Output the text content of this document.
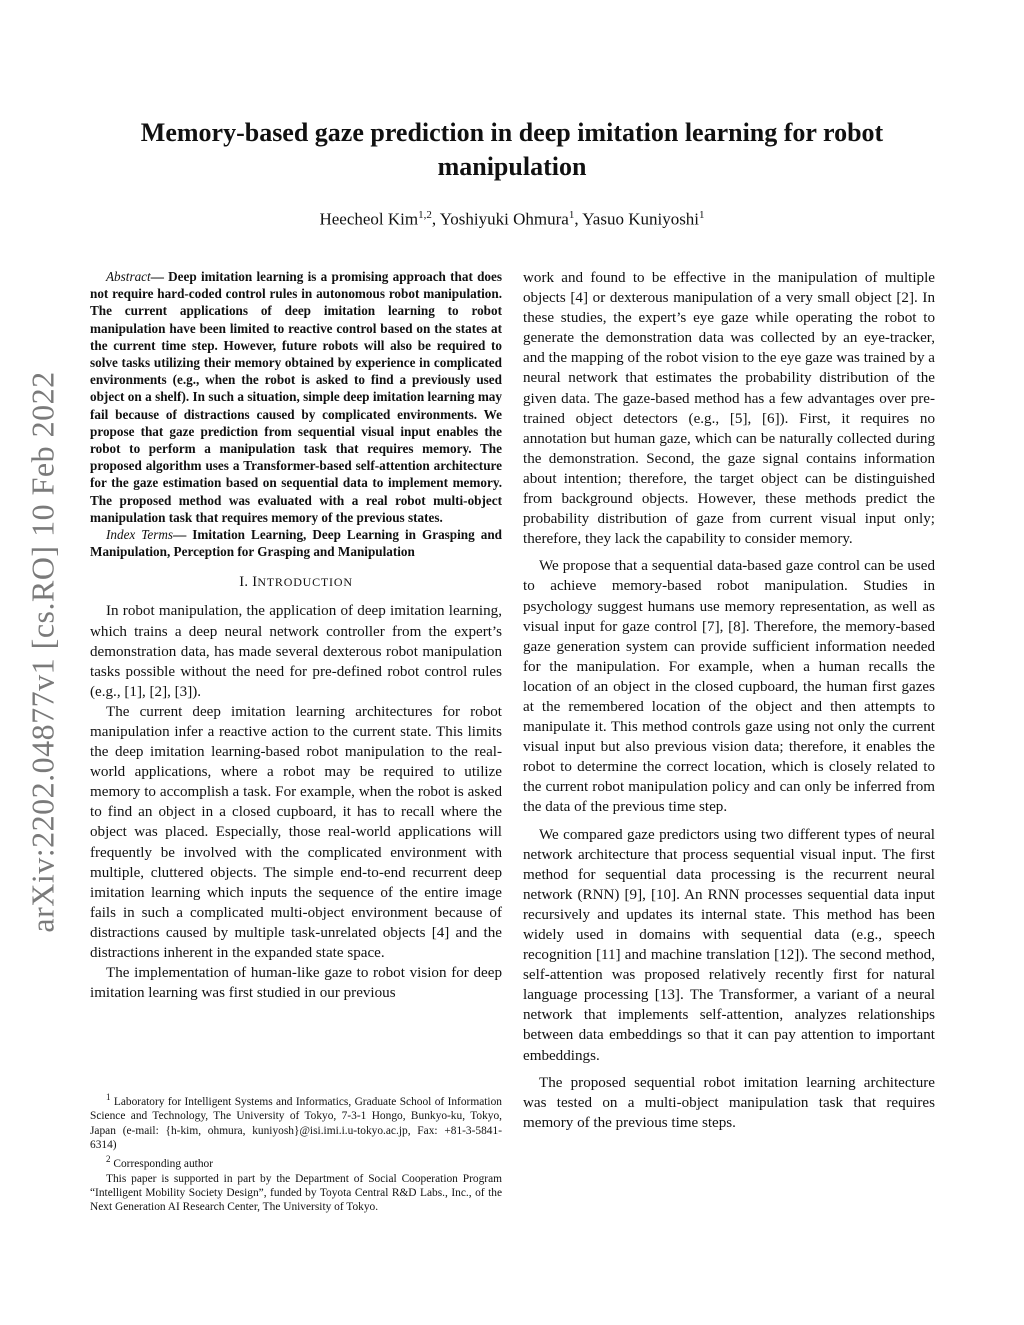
arXiv:2202.04877v1 [cs.RO] 10 Feb 2022
Memory-based gaze prediction in deep imitation learning for robot manipulation
Heecheol Kim$^{1,2}$, Yoshiyuki Ohmura$^1$, Yasuo Kuniyoshi$^1$

Abstract— Deep imitation learning is a promising approach that does not require hard-coded control rules in autonomous robot manipulation. The current applications of deep imitation learning to robot manipulation have been limited to reactive control based on the states at the current time step. However, future robots will also be required to solve tasks utilizing their memory obtained by experience in complicated environments (e.g., when the robot is asked to find a previously used object on a shelf). In such a situation, simple deep imitation learning may fail because of distractions caused by complicated environments. We propose that gaze prediction from sequential visual input enables the robot to perform a manipulation task that requires memory. The proposed algorithm uses a Transformer-based self-attention architecture for the gaze estimation based on sequential data to implement memory. The proposed method was evaluated with a real robot multi-object manipulation task that requires memory of the previous states.

Index Terms— Imitation Learning, Deep Learning in Grasping and Manipulation, Perception for Grasping and Manipulation

I. INTRODUCTION

In robot manipulation, the application of deep imitation learning, which trains a deep neural network controller from the expert’s demonstration data, has made several dexterous robot manipulation tasks possible without the need for pre-defined robot control rules (e.g., [1], [2], [3]).

The current deep imitation learning architectures for robot manipulation infer a reactive action to the current state. This limits the deep imitation learning-based robot manipulation to the real-world applications, where a robot may be required to utilize memory to accomplish a task. For example, when the robot is asked to find an object in a closed cupboard, it has to recall where the object was placed. Especially, those real-world applications will frequently be involved with the complicated environment with multiple, cluttered objects. The simple end-to-end recurrent deep imitation learning which inputs the sequence of the entire image fails in such a complicated multi-object environment because of distractions caused by multiple task-unrelated objects [4] and the distractions inherent in the expanded state space.

The implementation of human-like gaze to robot vision for deep imitation learning was first studied in our previous

work and found to be effective in the manipulation of multiple objects [4] or dexterous manipulation of a very small object [2]. In these studies, the expert’s eye gaze while operating the robot to generate the demonstration data was collected by an eye-tracker, and the mapping of the robot vision to the eye gaze was trained by a neural network that estimates the probability distribution of the given data. The gaze-based method has a few advantages over pre-trained object detectors (e.g., [5], [6]). First, it requires no annotation but human gaze, which can be naturally collected during the demonstration. Second, the gaze signal contains information about intention; therefore, the target object can be distinguished from background objects. However, these methods predict the probability distribution of gaze from current visual input only; therefore, they lack the capability to consider memory.

We propose that a sequential data-based gaze control can be used to achieve memory-based robot manipulation. Studies in psychology suggest humans use memory representation, as well as visual input for gaze control [7], [8]. Therefore, the memory-based gaze generation system can provide sufficient information needed for the manipulation. For example, when a human recalls the location of an object in the closed cupboard, the human first gazes at the remembered location of the object and then attempts to manipulate it. This method controls gaze using not only the current visual input but also previous vision data; therefore, it enables the robot to determine the correct location, which is closely related to the current robot manipulation policy and can only be inferred from the data of the previous time step.

We compared gaze predictors using two different types of neural network architecture that process sequential visual input. The first method for sequential data processing is the recurrent neural network (RNN) [9], [10]. An RNN processes sequential data input recursively and updates its internal state. This method has been widely used in domains with sequential data (e.g., speech recognition [11] and machine translation [12]). The second method, self-attention was proposed relatively recently first for natural language processing [13]. The Transformer, a variant of a neural network that implements self-attention, analyzes relationships between data embeddings so that it can pay attention to important embeddings.

The proposed sequential robot imitation learning architecture was tested on a multi-object manipulation task that requires memory of the previous time steps.

$^1$ Laboratory for Intelligent Systems and Informatics, Graduate School of Information Science and Technology, The University of Tokyo, 7-3-1 Hongo, Bunkyo-ku, Tokyo, Japan (e-mail: {h-kim, ohmura, kuniyosh}@isi.imi.i.u-tokyo.ac.jp, Fax: +81-3-5841-6314)

$^2$ Corresponding author

This paper is supported in part by the Department of Social Cooperation Program “Intelligent Mobility Society Design”, funded by Toyota Central R&D Labs., Inc., of the Next Generation AI Research Center, The University of Tokyo.
